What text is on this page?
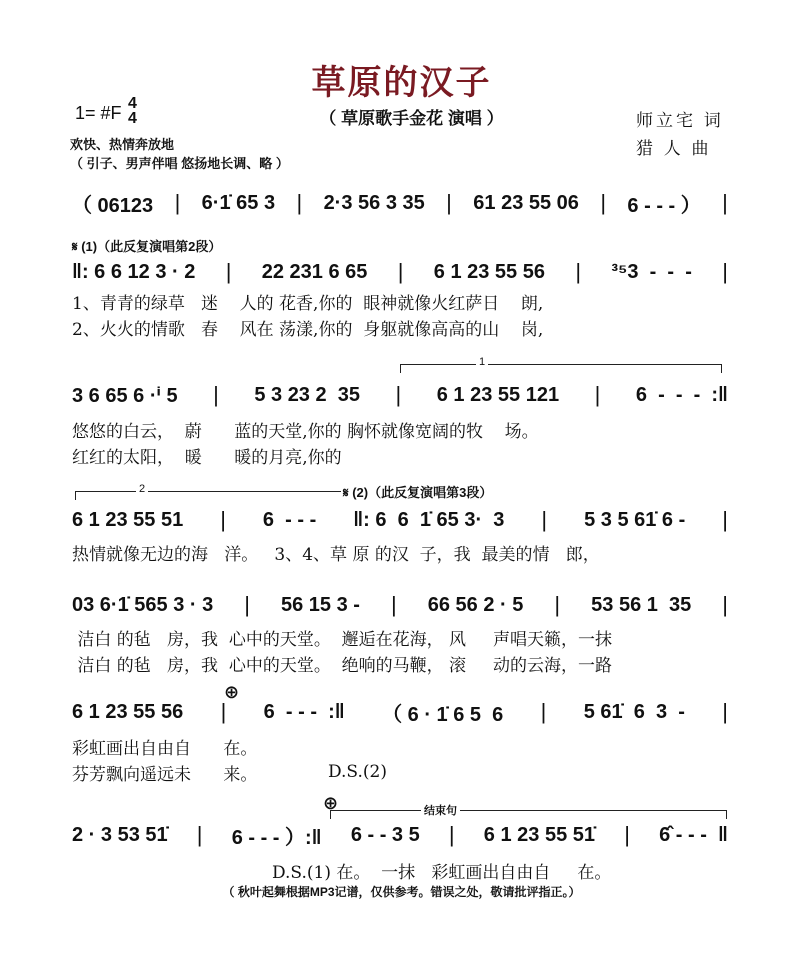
草原的汉子
1= #F 4
4	（ 草原歌手金花 演唱 ）	师立宅 词
猎 人 曲
欢快、热情奔放地
（ 引子、男声伴唱 悠扬地长调、略 ）
𝄋 (1)（此反复演唱第2段）
1
2	𝄋 (2)（此反复演唱第3段）
⊕
⊕	结束句
D.S.(2)
（ 06123 | 6·1̇ 65 3 | 2·3 56 3 35 | 61 23 55 06 | 6 - - - ） |
‖: 6 6 12 3 · 2 | 22 231 6 65 | 6 1 23 55 56 | ³⁵3  -  -  - |
1、青青的绿草   迷    人的 花香,你的  眼神就像火红萨日    朗,
2、火火的情歌   春    风在 荡漾,你的  身躯就像高高的山    岗,
3 6 65 6 ·ⁱ 5 | 5 3 23 2  35 | 6 1 23 55 121 | 6  -  -  -  :‖
悠悠的白云，  蔚      蓝的天堂,你的 胸怀就像宽阔的牧    场。
红红的太阳，  暖      暖的月亮,你的
6 1 23 55 51 | 6  - - - ‖: 6  6  1̇ 65 3·  3 | 5 3 5 61̇ 6 - |
热情就像无边的海   洋。   3、4、草 原 的汉  子，我  最美的情   郎，
03 6·1̇ 565 3 · 3 | 56 15 3 - | 66 56 2 · 5 | 53 56 1  35 |
洁白 的毡   房，我  心中的天堂。  邂逅在花海， 风     声唱天籁，一抹
洁白 的毡   房，我  心中的天堂。  绝响的马鞭， 滚     动的云海，一路
6 1 23 55 56 | 6  - - -  :‖ （ 6 · 1̇ 6 5  6 | 5 61̇  6  3  - |
彩虹画出自由自      在。
芬芳飘向遥远未      来。
2 · 3 53 51̇ | 6 - - - ）:‖ 6 - - 3 5 | 6 1 23 55 51̇ | 6̂ - - -  ‖
D.S.(1) 在。  一抹   彩虹画出自由自     在。
（ 秋叶起舞根据MP3记谱，仅供参考。错误之处，敬请批评指正。）
